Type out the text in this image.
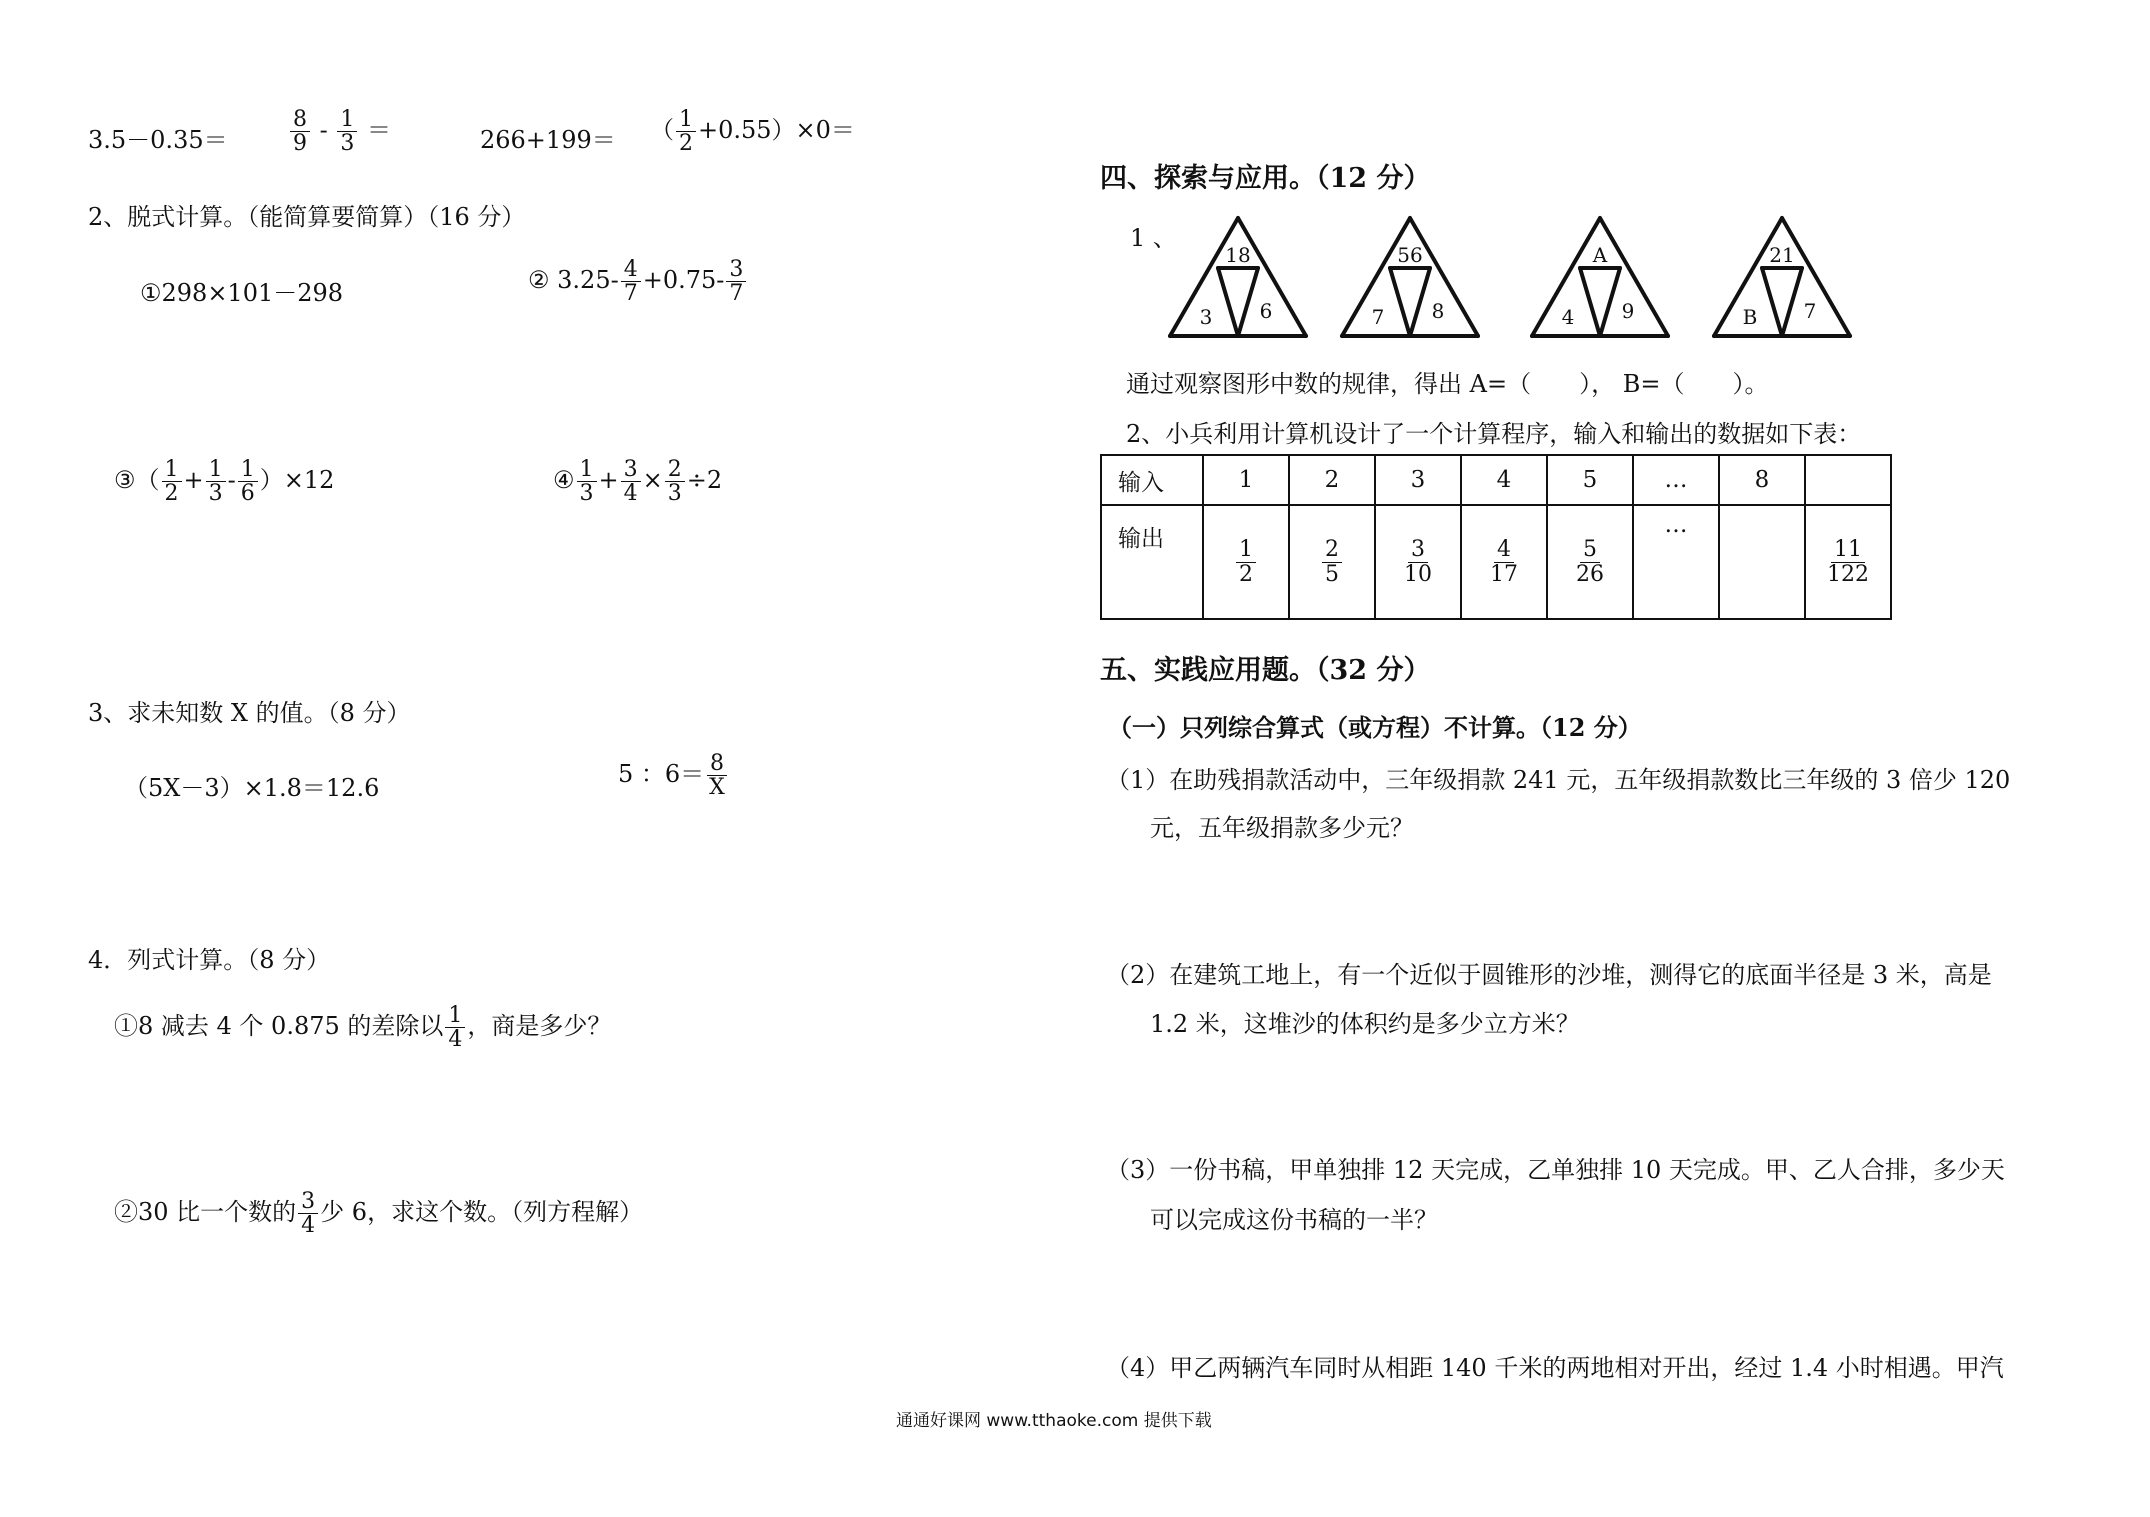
3.5－0.35＝	$\frac{8}{9} - \frac{1}{3}$ ＝	266+199＝ （ $\frac{1}{2} +0.55)\times 0=$
2、脱式计算。（能简算要简算）（16 分）
①298×101－298	② $3.25- \frac{4}{7} +0.75- \frac{3}{7}$
③（ $\frac{1}{2} + \frac{1}{3} - \frac{1}{6} )\times 12$	④ $\frac{1}{3} + \frac{3}{4} \times \frac{2}{3} \div 2$
3、求未知数 X 的值。（8 分）
（5X－3）×1.8＝12.6	5 ：$6= \frac{8}{X}$
4．列式计算。（8 分）
①8 减去 4 个 0.875 的差除以 $\frac{1}{4}$ ，商是多少？
②30 比一个数的 $\frac{3}{4}$ 少 6，求这个数。（列方程解）
四、探索与应用。（12 分）
1 、
18
3 6
56
7 8
A
4 9
21
B 7
通过观察图形中数的规律，得出 A=（　　）， B=（　　）。
2、小兵利用计算机设计了一个计算程序，输入和输出的数据如下表：
输入	1	2	3	4	5	…	8	
输出	$\frac{1}{2}$	$\frac{2}{5}$	$\frac{3}{10}$	$\frac{4}{17}$	$\frac{5}{26}$	…		$\frac{11}{122}$
五、实践应用题。（32 分）
（一）只列综合算式（或方程）不计算。（12 分）
（1）在助残捐款活动中，三年级捐款 241 元，五年级捐款数比三年级的 3 倍少 120
元，五年级捐款多少元？
（2）在建筑工地上，有一个近似于圆锥形的沙堆，测得它的底面半径是 3 米，高是
1.2 米，这堆沙的体积约是多少立方米？
（3）一份书稿，甲单独排 12 天完成，乙单独排 10 天完成。甲、乙人合排，多少天
可以完成这份书稿的一半？
（4）甲乙两辆汽车同时从相距 140 千米的两地相对开出，经过 1.4 小时相遇。甲汽
通通好课网 www.tthaoke.com 提供下载
